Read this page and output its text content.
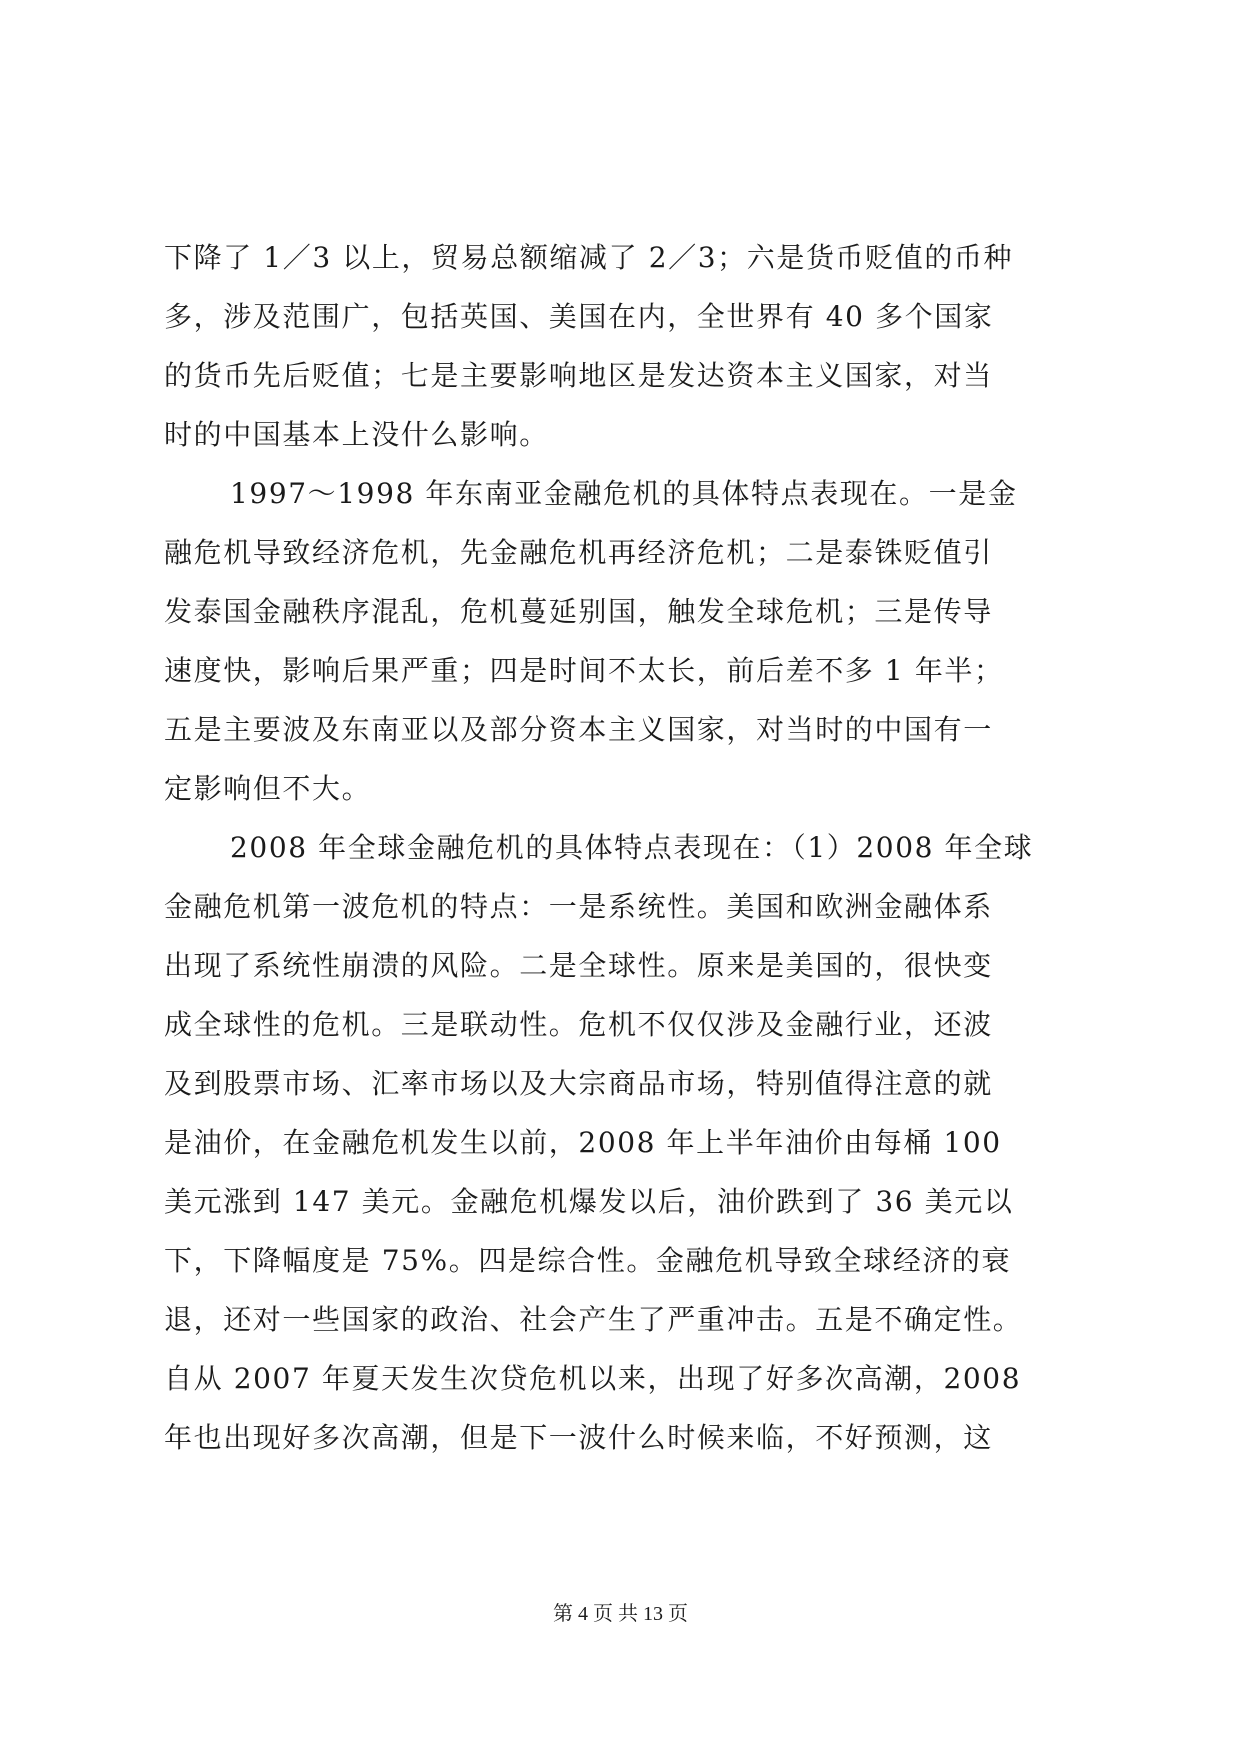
下降了 1／3 以上，贸易总额缩减了 2／3；六是货币贬值的币种
多，涉及范围广，包括英国、美国在内，全世界有 40 多个国家
的货币先后贬值；七是主要影响地区是发达资本主义国家，对当
时的中国基本上没什么影响。
1997～1998 年东南亚金融危机的具体特点表现在。一是金
融危机导致经济危机，先金融危机再经济危机；二是泰铢贬值引
发泰国金融秩序混乱，危机蔓延别国，触发全球危机；三是传导
速度快，影响后果严重；四是时间不太长，前后差不多 1 年半；
五是主要波及东南亚以及部分资本主义国家，对当时的中国有一
定影响但不大。
2008 年全球金融危机的具体特点表现在：（1）2008 年全球
金融危机第一波危机的特点：一是系统性。美国和欧洲金融体系
出现了系统性崩溃的风险。二是全球性。原来是美国的，很快变
成全球性的危机。三是联动性。危机不仅仅涉及金融行业，还波
及到股票市场、汇率市场以及大宗商品市场，特别值得注意的就
是油价，在金融危机发生以前，2008 年上半年油价由每桶 100
美元涨到 147 美元。金融危机爆发以后，油价跌到了 36 美元以
下，下降幅度是 75%。四是综合性。金融危机导致全球经济的衰
退，还对一些国家的政治、社会产生了严重冲击。五是不确定性。
自从 2007 年夏天发生次贷危机以来，出现了好多次高潮，2008
年也出现好多次高潮，但是下一波什么时候来临，不好预测，这
第 4 页 共 13 页
